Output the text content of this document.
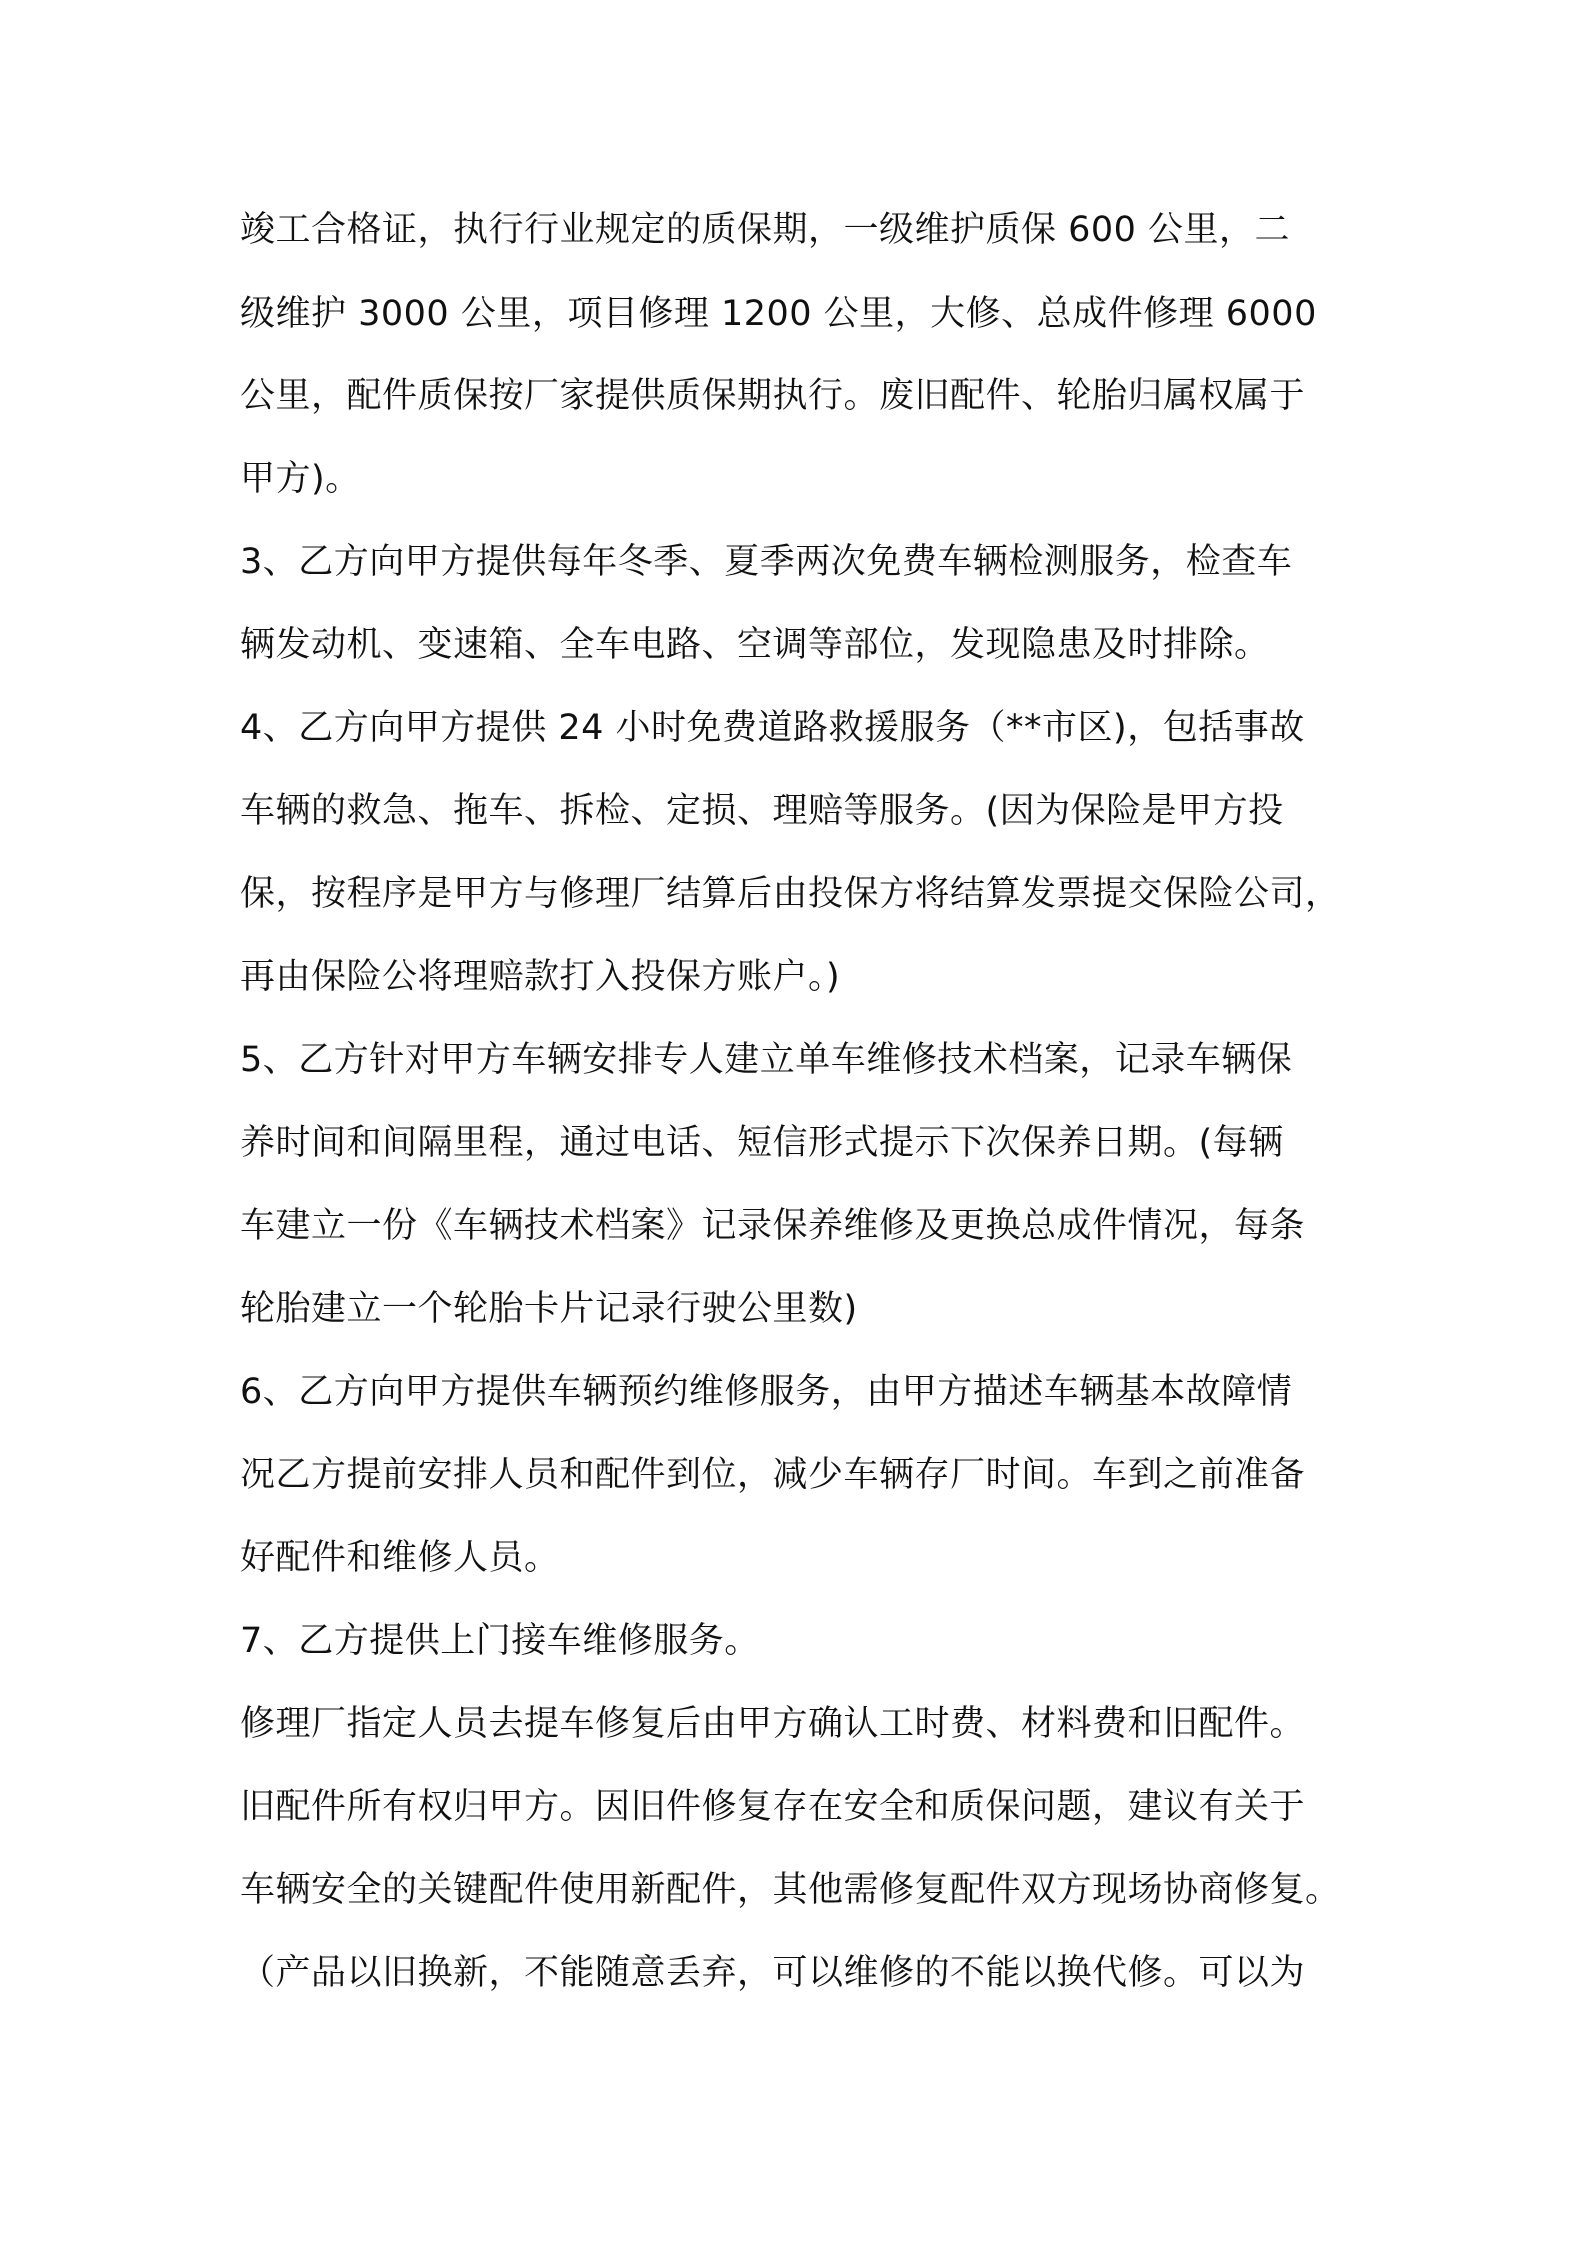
竣工合格证，执行行业规定的质保期，一级维护质保 600 公里，二
级维护 3000 公里，项目修理 1200 公里，大修、总成件修理 6000
公里，配件质保按厂家提供质保期执行。废旧配件、轮胎归属权属于
甲方)。
3、乙方向甲方提供每年冬季、夏季两次免费车辆检测服务，检查车
辆发动机、变速箱、全车电路、空调等部位，发现隐患及时排除。
4、乙方向甲方提供 24 小时免费道路救援服务（**市区)，包括事故
车辆的救急、拖车、拆检、定损、理赔等服务。(因为保险是甲方投
保，按程序是甲方与修理厂结算后由投保方将结算发票提交保险公司，
再由保险公将理赔款打入投保方账户。)
5、乙方针对甲方车辆安排专人建立单车维修技术档案，记录车辆保
养时间和间隔里程，通过电话、短信形式提示下次保养日期。(每辆
车建立一份《车辆技术档案》记录保养维修及更换总成件情况，每条
轮胎建立一个轮胎卡片记录行驶公里数)
6、乙方向甲方提供车辆预约维修服务，由甲方描述车辆基本故障情
况乙方提前安排人员和配件到位，减少车辆存厂时间。车到之前准备
好配件和维修人员。
7、乙方提供上门接车维修服务。
修理厂指定人员去提车修复后由甲方确认工时费、材料费和旧配件。
旧配件所有权归甲方。因旧件修复存在安全和质保问题，建议有关于
车辆安全的关键配件使用新配件，其他需修复配件双方现场协商修复。
（产品以旧换新，不能随意丢弃，可以维修的不能以换代修。可以为
